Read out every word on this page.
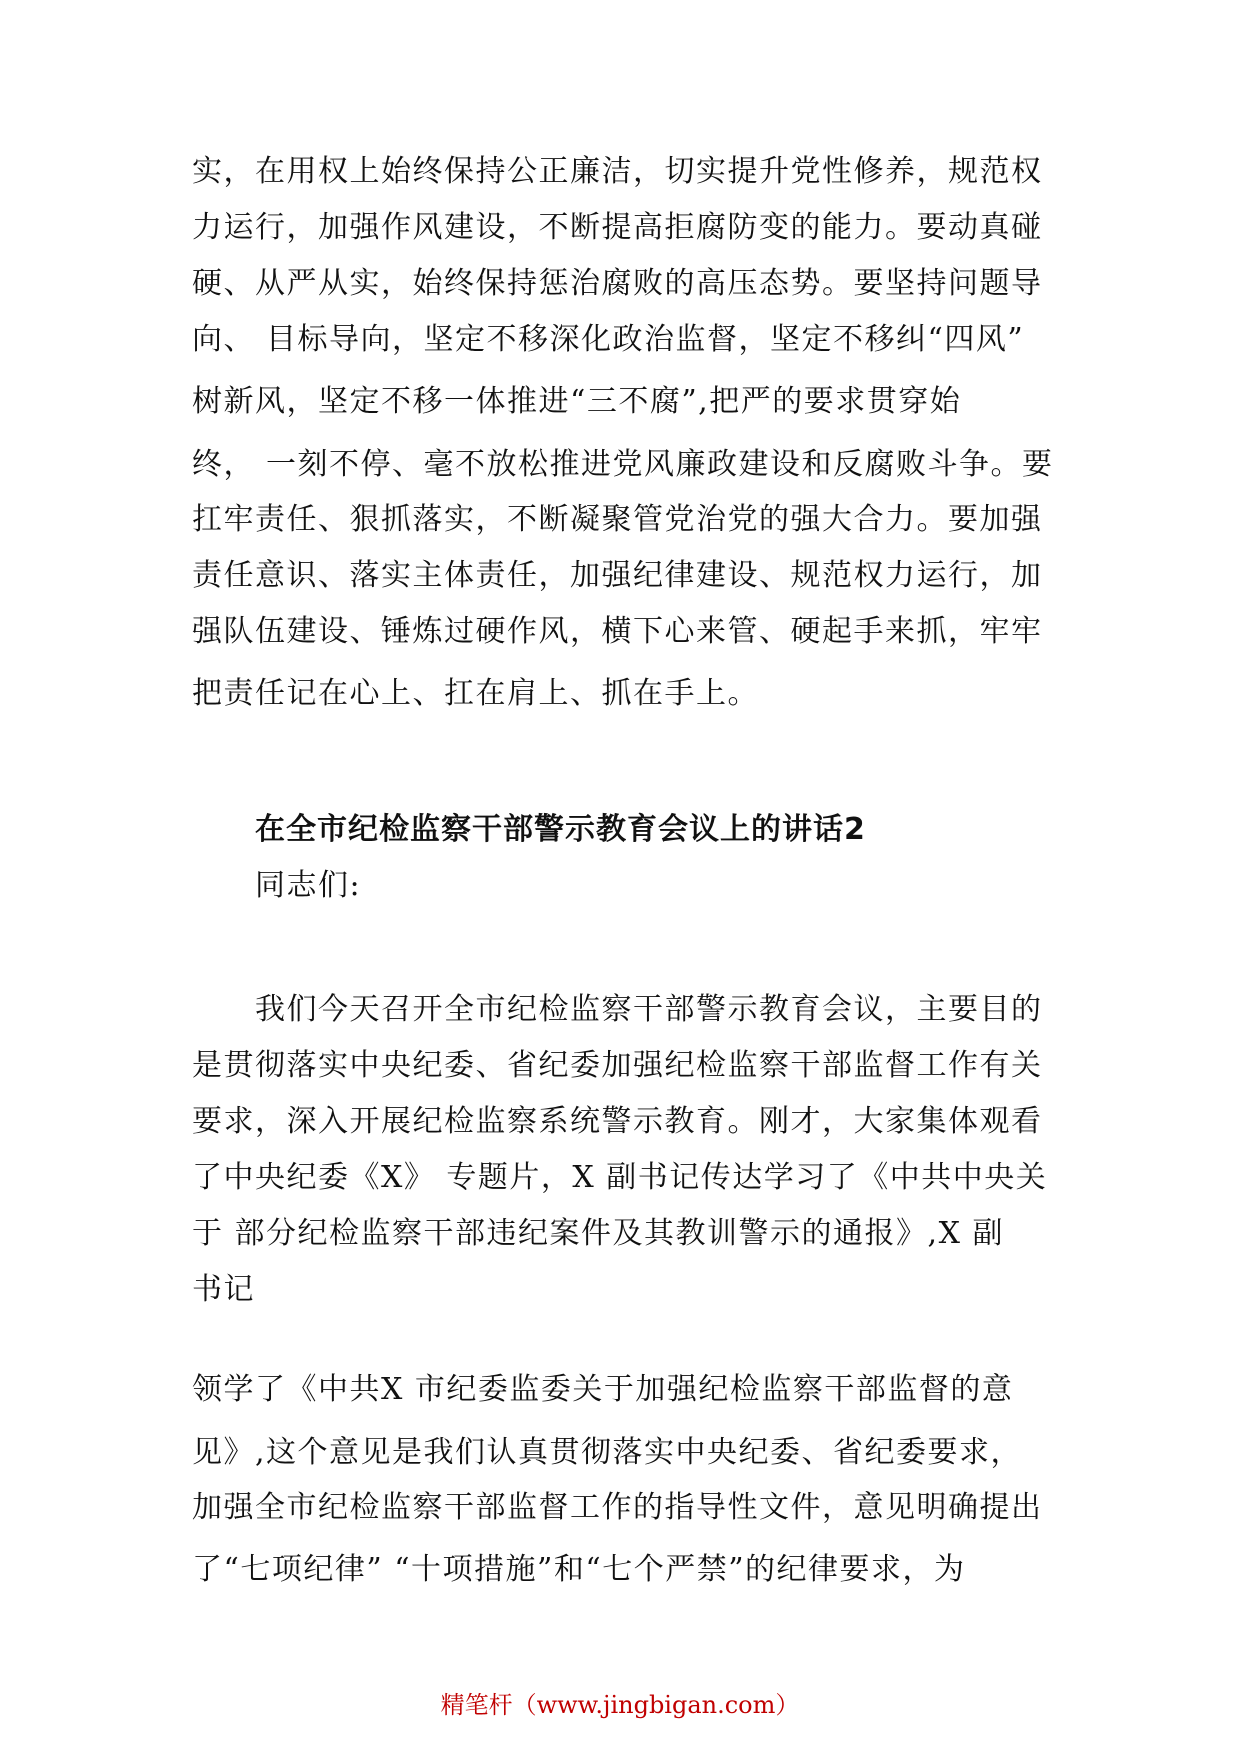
实，在用权上始终保持公正廉洁，切实提升党性修养，规范权
力运行，加强作风建设，不断提高拒腐防变的能力。要动真碰
硬、从严从实，始终保持惩治腐败的高压态势。要坚持问题导
向、 目标导向，坚定不移深化政治监督，坚定不移纠“四风”
树新风，坚定不移一体推进“三不腐”,把严的要求贯穿始
终， 一刻不停、毫不放松推进党风廉政建设和反腐败斗争。要
扛牢责任、狠抓落实，不断凝聚管党治党的强大合力。要加强
责任意识、落实主体责任，加强纪律建设、规范权力运行，加
强队伍建设、锤炼过硬作风，横下心来管、硬起手来抓，牢牢
把责任记在心上、扛在肩上、抓在手上。
在全市纪检监察干部警示教育会议上的讲话2
同志们:
我们今天召开全市纪检监察干部警示教育会议，主要目的
是贯彻落实中央纪委、省纪委加强纪检监察干部监督工作有关
要求，深入开展纪检监察系统警示教育。刚才，大家集体观看
了中央纪委《X》 专题片，X 副书记传达学习了《中共中央关
于 部分纪检监察干部违纪案件及其教训警示的通报》,X 副
书记
领学了《中共X 市纪委监委关于加强纪检监察干部监督的意
见》,这个意见是我们认真贯彻落实中央纪委、省纪委要求，
加强全市纪检监察干部监督工作的指导性文件，意见明确提出
了“七项纪律” “十项措施”和“七个严禁”的纪律要求，为
精笔杆（www.jingbigan.com）
